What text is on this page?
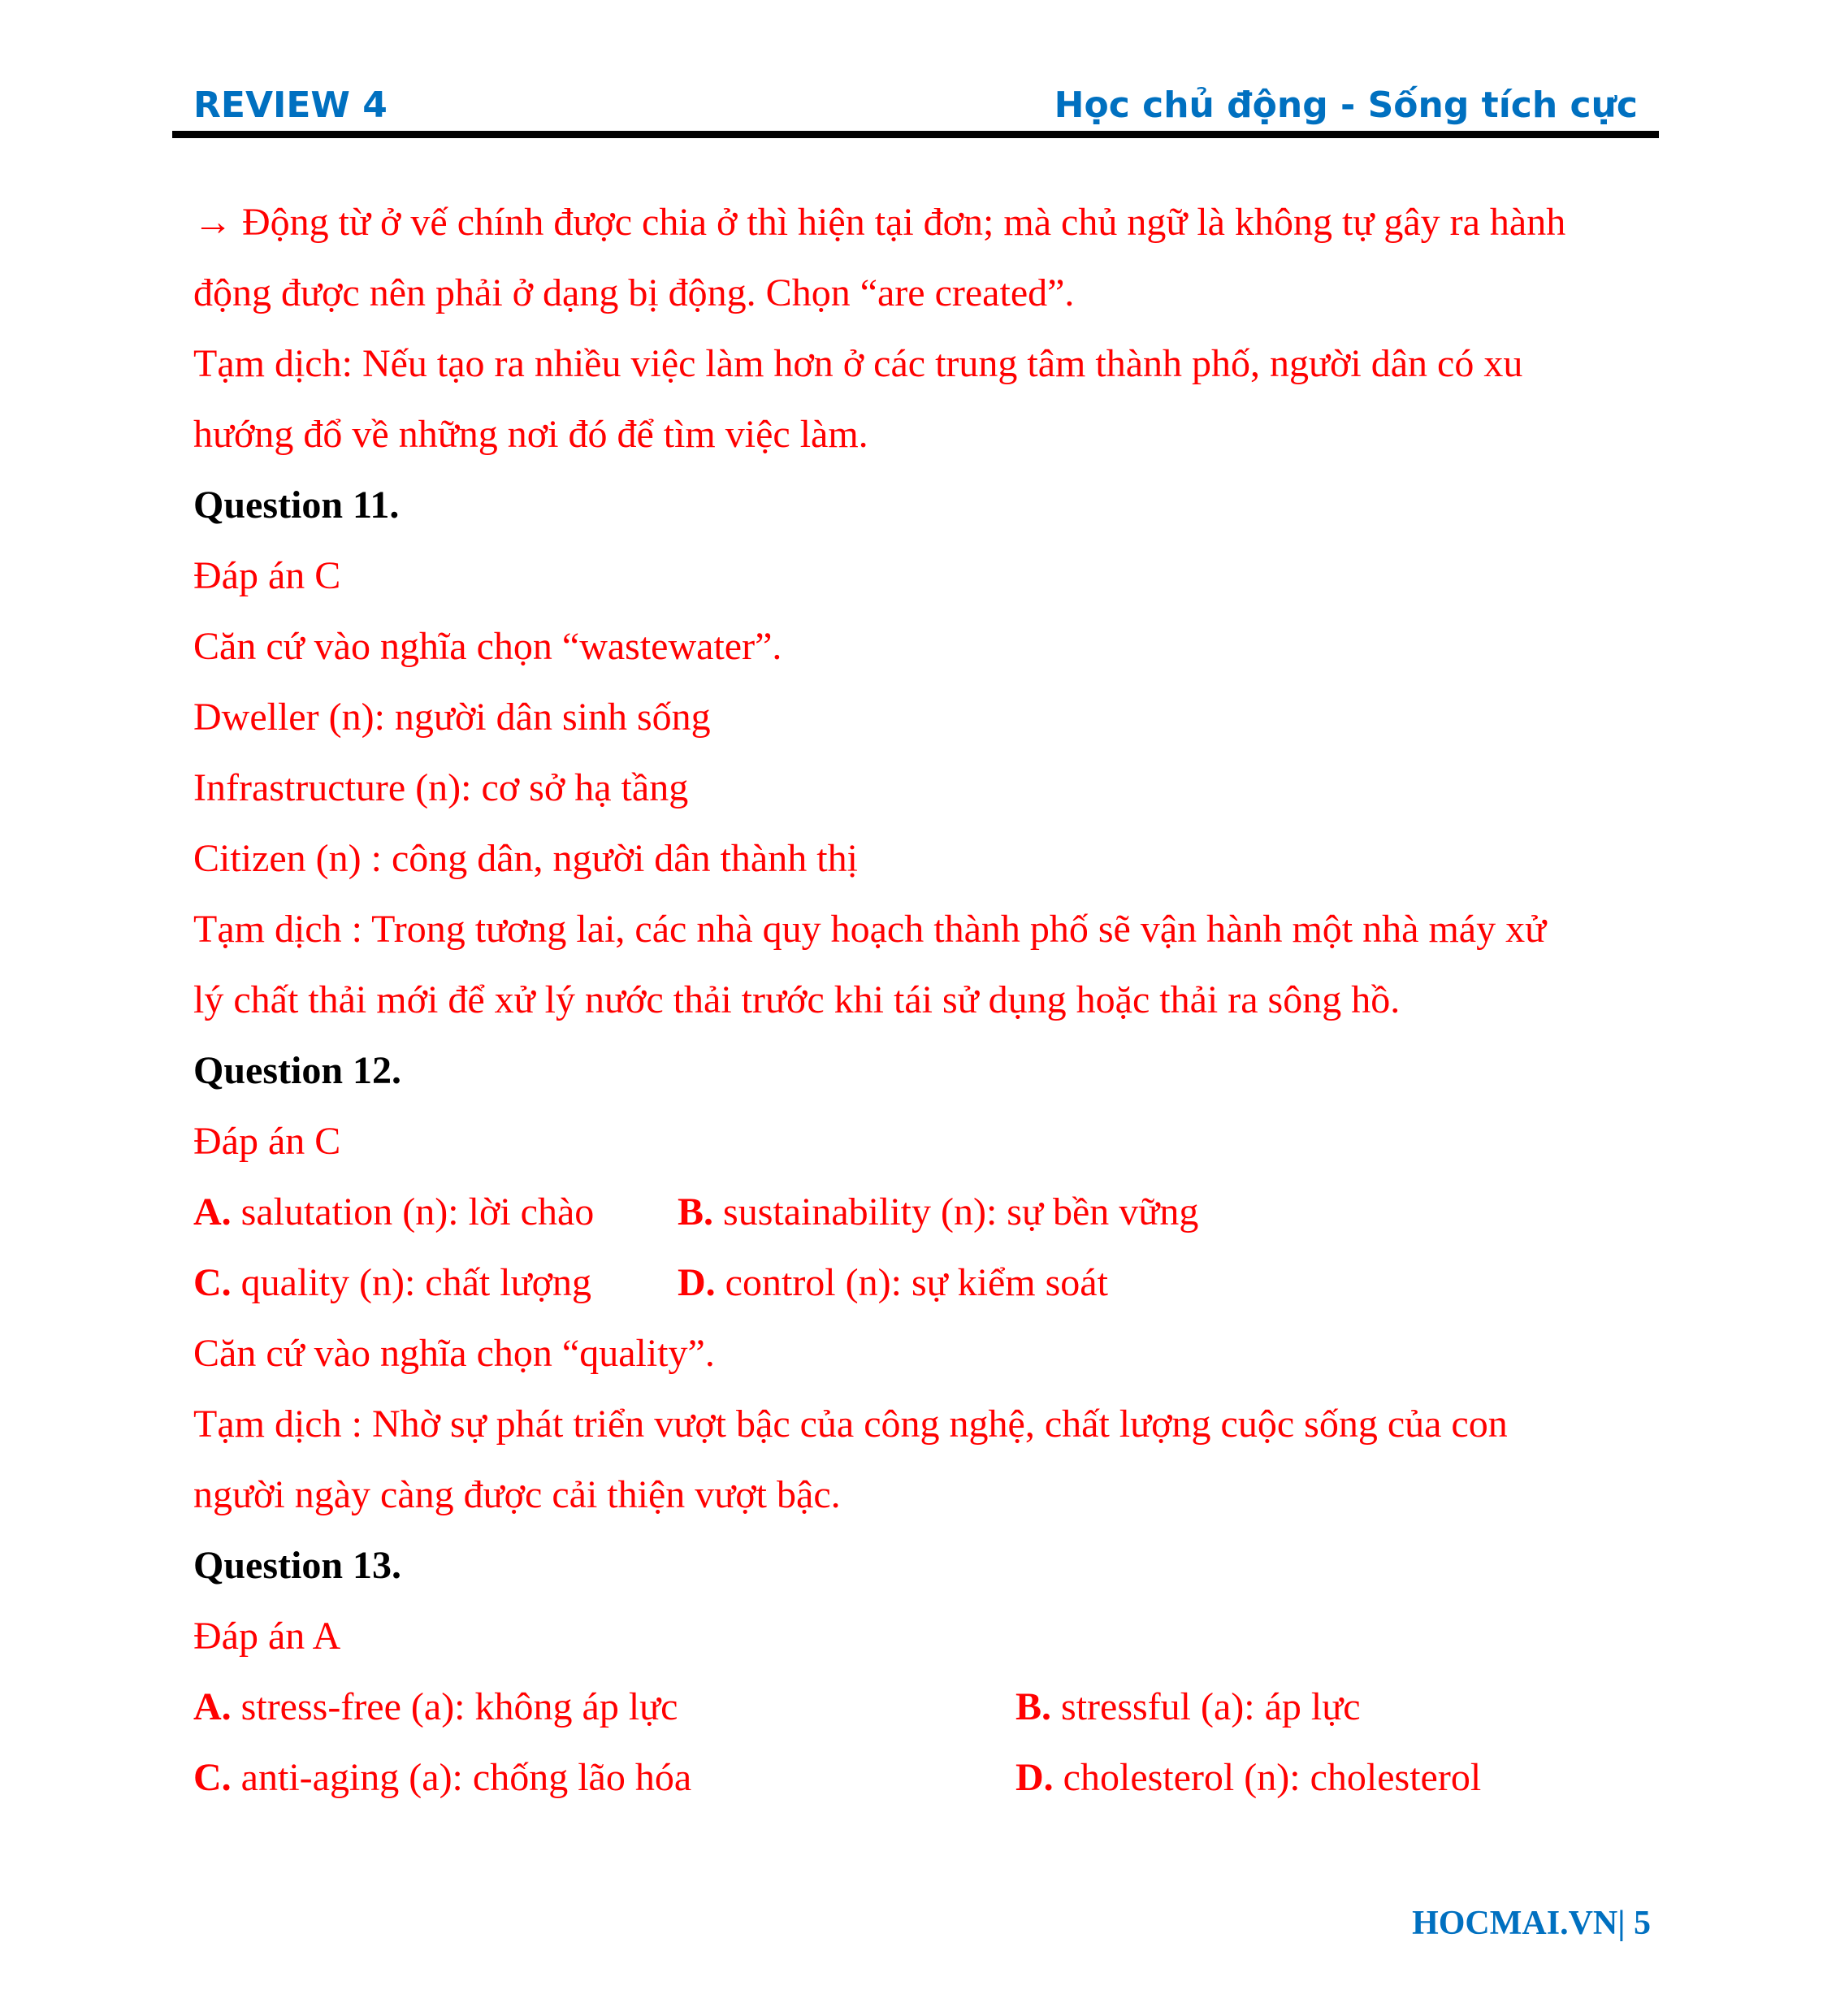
REVIEW 4	Học chủ động - Sống tích cực
→ Động từ ở vế chính được chia ở thì hiện tại đơn; mà chủ ngữ là không tự gây ra hành
động được nên phải ở dạng bị động. Chọn “are created”.
Tạm dịch: Nếu tạo ra nhiều việc làm hơn ở các trung tâm thành phố, người dân có xu
hướng đổ về những nơi đó để tìm việc làm.
Question 11.
Đáp án C
Căn cứ vào nghĩa chọn “wastewater”.
Dweller (n): người dân sinh sống
Infrastructure (n): cơ sở hạ tầng
Citizen (n) : công dân, người dân thành thị
Tạm dịch : Trong tương lai, các nhà quy hoạch thành phố sẽ vận hành một nhà máy xử
lý chất thải mới để xử lý nước thải trước khi tái sử dụng hoặc thải ra sông hồ.
Question 12.
Đáp án C
A. salutation (n): lời chào B. sustainability (n): sự bền vững
C. quality (n): chất lượng D. control (n): sự kiểm soát
Căn cứ vào nghĩa chọn “quality”.
Tạm dịch : Nhờ sự phát triển vượt bậc của công nghệ, chất lượng cuộc sống của con
người ngày càng được cải thiện vượt bậc.
Question 13.
Đáp án A
A. stress-free (a): không áp lực	B. stressful (a): áp lực
C. anti-aging (a): chống lão hóa	D. cholesterol (n): cholesterol
HOCMAI.VN| 5
